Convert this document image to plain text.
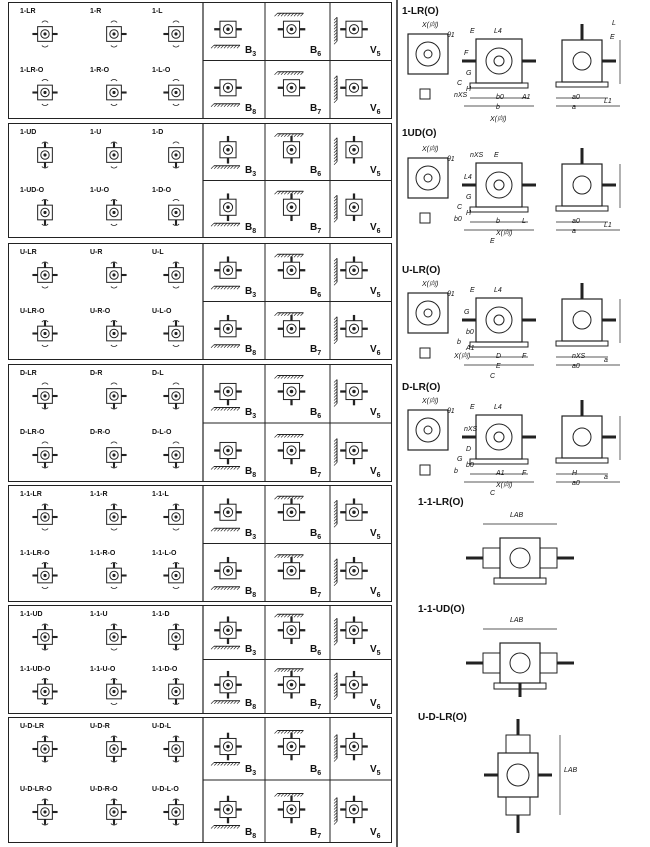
1-LR	1-R	1-L
1-LR-O	1-R-O	1-L-O
$B_3$	$B_6$	$V_5$
$B_8$	$B_7$	$V_6$
1-UD	1-U	1-D
1-UD-O	1-U-O	1-D-O
$B_3$	$B_6$	$V_5$
$B_8$	$B_7$	$V_6$
U-LR	U-R	U-L
U-LR-O	U-R-O	U-L-O
$B_3$	$B_6$	$V_5$
$B_8$	$B_7$	$V_6$
D-LR	D-R	D-L
D-LR-O	D-R-O	D-L-O
$B_3$	$B_6$	$V_5$
$B_8$	$B_7$	$V_6$
1-1-LR	1-1-R	1-1-L
1-1-LR-O	1-1-R-O	1-1-L-O
$B_3$	$B_6$	$V_5$
$B_8$	$B_7$	$V_6$
1-1-UD	1-1-U	1-1-D
1-1-UD-O	1-1-U-O	1-1-D-O
$B_3$	$B_6$	$V_5$
$B_8$	$B_7$	$V_6$
U-D-LR	U-D-R	U-D-L
U-D-LR-O	U-D-R-O	U-D-L-O
$B_3$	$B_6$	$V_5$
$B_8$	$B_7$	$V_6$
1-LR(O)
X(向)
θ1
E	L4
F
G
C
H
nXS	b0
b
A1
X(向)
a0
a
L1
E
L
1UD(O)
X(向)
θ1
nXS E
L4
G
C
H
b0	b
X(向)
L
E
a0
a
L1
U-LR(O)
X(向)
θ1
E	L4
G
b0
b
A1
X(向)	D
E
F
C
nXS
a0
a
D-LR(O)
X(向)
θ1
E	L4
nXS
D
G
b0
b	A1
X(向)
F
C
H
a0
a
1-1-LR(O)
LAB
1-1-UD(O)
LAB
U-D-LR(O)
LAB
